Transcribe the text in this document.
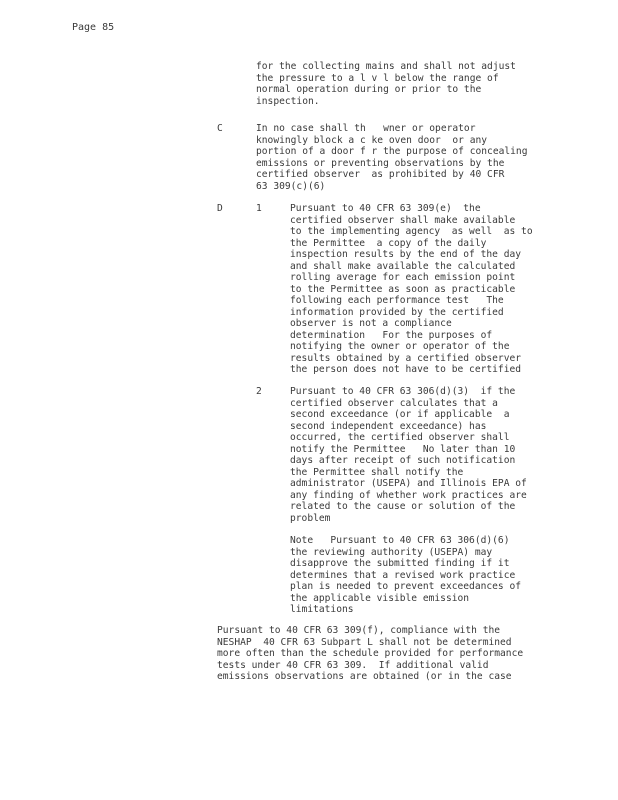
Page 85
for the collecting mains and shall not adjust
the pressure to a l v l below the range of
normal operation during or prior to the
inspection.
C	In no case shall th   wner or operator
knowingly block a c ke oven door  or any
portion of a door f r the purpose of concealing
emissions or preventing observations by the
certified observer  as prohibited by 40 CFR
63 309(c)(6)
D	1	Pursuant to 40 CFR 63 309(e)  the
certified observer shall make available
to the implementing agency  as well  as to
the Permittee  a copy of the daily
inspection results by the end of the day
and shall make available the calculated
rolling average for each emission point
to the Permittee as soon as practicable
following each performance test   The
information provided by the certified
observer is not a compliance
determination   For the purposes of
notifying the owner or operator of the
results obtained by a certified observer
the person does not have to be certified
2	Pursuant to 40 CFR 63 306(d)(3)  if the
certified observer calculates that a
second exceedance (or if applicable  a
second independent exceedance) has
occurred, the certified observer shall
notify the Permittee   No later than 10
days after receipt of such notification
the Permittee shall notify the
administrator (USEPA) and Illinois EPA of
any finding of whether work practices are
related to the cause or solution of the
problem
Note   Pursuant to 40 CFR 63 306(d)(6)
the reviewing authority (USEPA) may
disapprove the submitted finding if it
determines that a revised work practice
plan is needed to prevent exceedances of
the applicable visible emission
limitations
Pursuant to 40 CFR 63 309(f), compliance with the
NESHAP  40 CFR 63 Subpart L shall not be determined
more often than the schedule provided for performance
tests under 40 CFR 63 309.  If additional valid
emissions observations are obtained (or in the case
